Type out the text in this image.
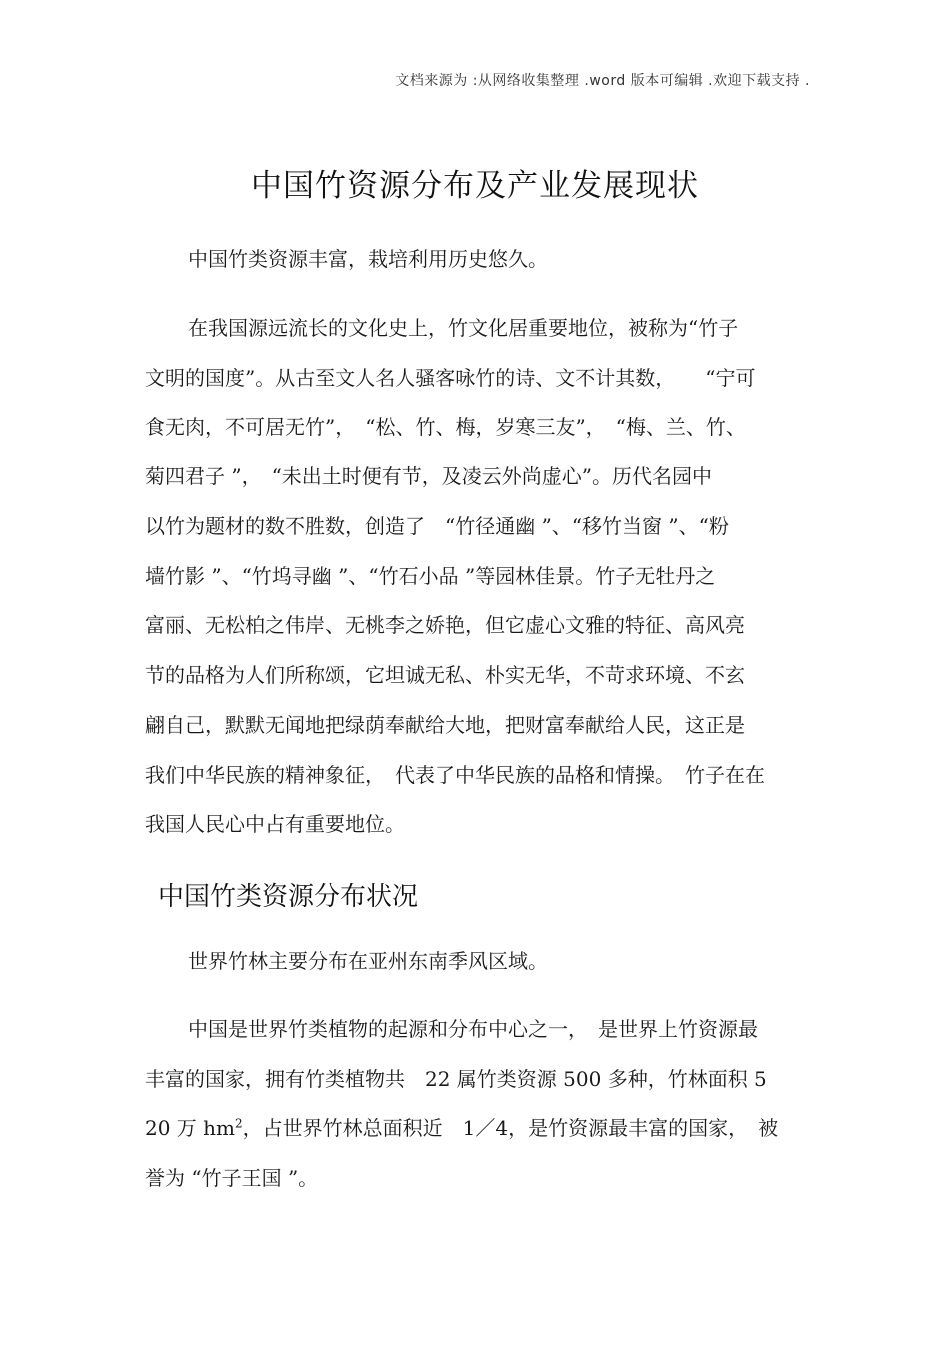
文档来源为 :从网络收集整理 .word 版本可编辑 .欢迎下载支持 .
中国竹资源分布及产业发展现状
中国竹类资源丰富，栽培利用历史悠久。
在我国源远流长的文化史上，竹文化居重要地位，被称为“竹子
文明的国度”。从古至文人名人骚客咏竹的诗、文不计其数，　　“宁可
食无肉，不可居无竹”，　“松、竹、梅，岁寒三友”，　“梅、兰、竹、
菊四君子 ”，　“未出土时便有节，及凌云外尚虚心”。历代名园中
以竹为题材的数不胜数，创造了　“竹径通幽 ”、“移竹当窗 ”、“粉
墙竹影 ”、“竹坞寻幽 ”、“竹石小品 ”等园林佳景。竹子无牡丹之
富丽、无松柏之伟岸、无桃李之娇艳，但它虚心文雅的特征、高风亮
节的品格为人们所称颂，它坦诚无私、朴实无华，不苛求环境、不玄
翩自己，默默无闻地把绿荫奉献给大地，把财富奉献给人民，这正是
我们中华民族的精神象征，　代表了中华民族的品格和情操。　竹子在在
我国人民心中占有重要地位。
中国竹类资源分布状况
世界竹林主要分布在亚州东南季风区域。
中国是世界竹类植物的起源和分布中心之一，　是世界上竹资源最
丰富的国家，拥有竹类植物共　22 属竹类资源 500 多种，竹林面积 5
20 万 $hm^2$，占世界竹林总面积近　1／4，是竹资源最丰富的国家，　被
誉为 “竹子王国 ”。
